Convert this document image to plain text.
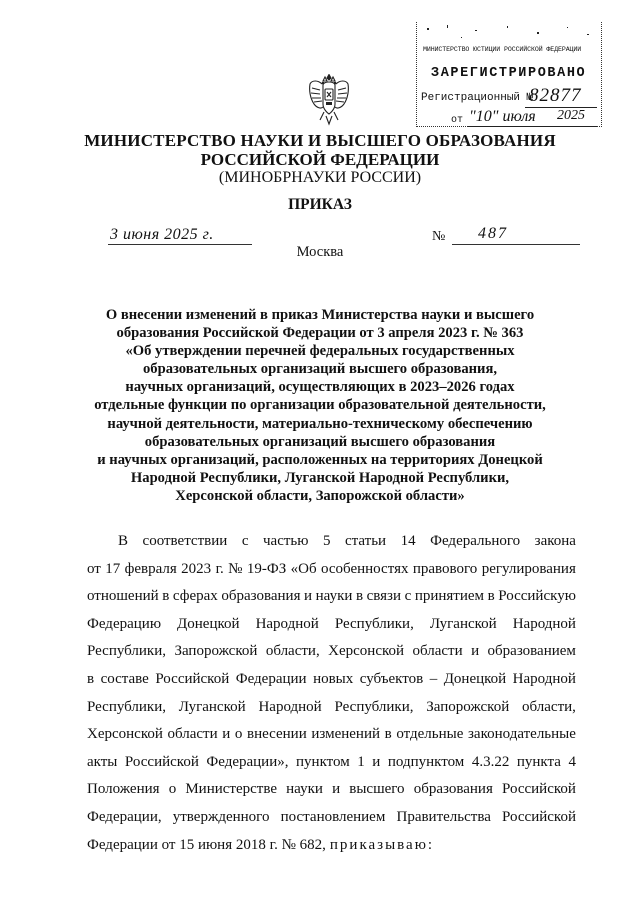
МИНИСТЕРСТВО ЮСТИЦИИ РОССИЙСКОЙ ФЕДЕРАЦИИ
ЗАРЕГИСТРИРОВАНО
Регистрационный №
82877
от "10" июля 2025
МИНИСТЕРСТВО НАУКИ И ВЫСШЕГО ОБРАЗОВАНИЯ
РОССИЙСКОЙ ФЕДЕРАЦИИ
(МИНОБРНАУКИ РОССИИ)
ПРИКАЗ
3 июня 2025 г.	№ 487
Москва
О внесении изменений в приказ Министерства науки и высшего
образования Российской Федерации от 3 апреля 2023 г. № 363
«Об утверждении перечней федеральных государственных
образовательных организаций высшего образования,
научных организаций, осуществляющих в 2023–2026 годах
отдельные функции по организации образовательной деятельности,
научной деятельности, материально-техническому обеспечению
образовательных организаций высшего образования
и научных организаций, расположенных на территориях Донецкой
Народной Республики, Луганской Народной Республики,
Херсонской области, Запорожской области»
В соответствии с частью 5 статьи 14 Федерального закона
от 17 февраля 2023 г. № 19-ФЗ «Об особенностях правового регулирования
отношений в сферах образования и науки в связи с принятием в Российскую
Федерацию Донецкой Народной Республики, Луганской Народной
Республики, Запорожской области, Херсонской области и образованием
в составе Российской Федерации новых субъектов – Донецкой Народной
Республики, Луганской Народной Республики, Запорожской области,
Херсонской области и о внесении изменений в отдельные законодательные
акты Российской Федерации», пунктом 1 и подпунктом 4.3.22 пункта 4
Положения о Министерстве науки и высшего образования Российской
Федерации, утвержденного постановлением Правительства Российской
Федерации от 15 июня 2018 г. № 682, приказываю:
